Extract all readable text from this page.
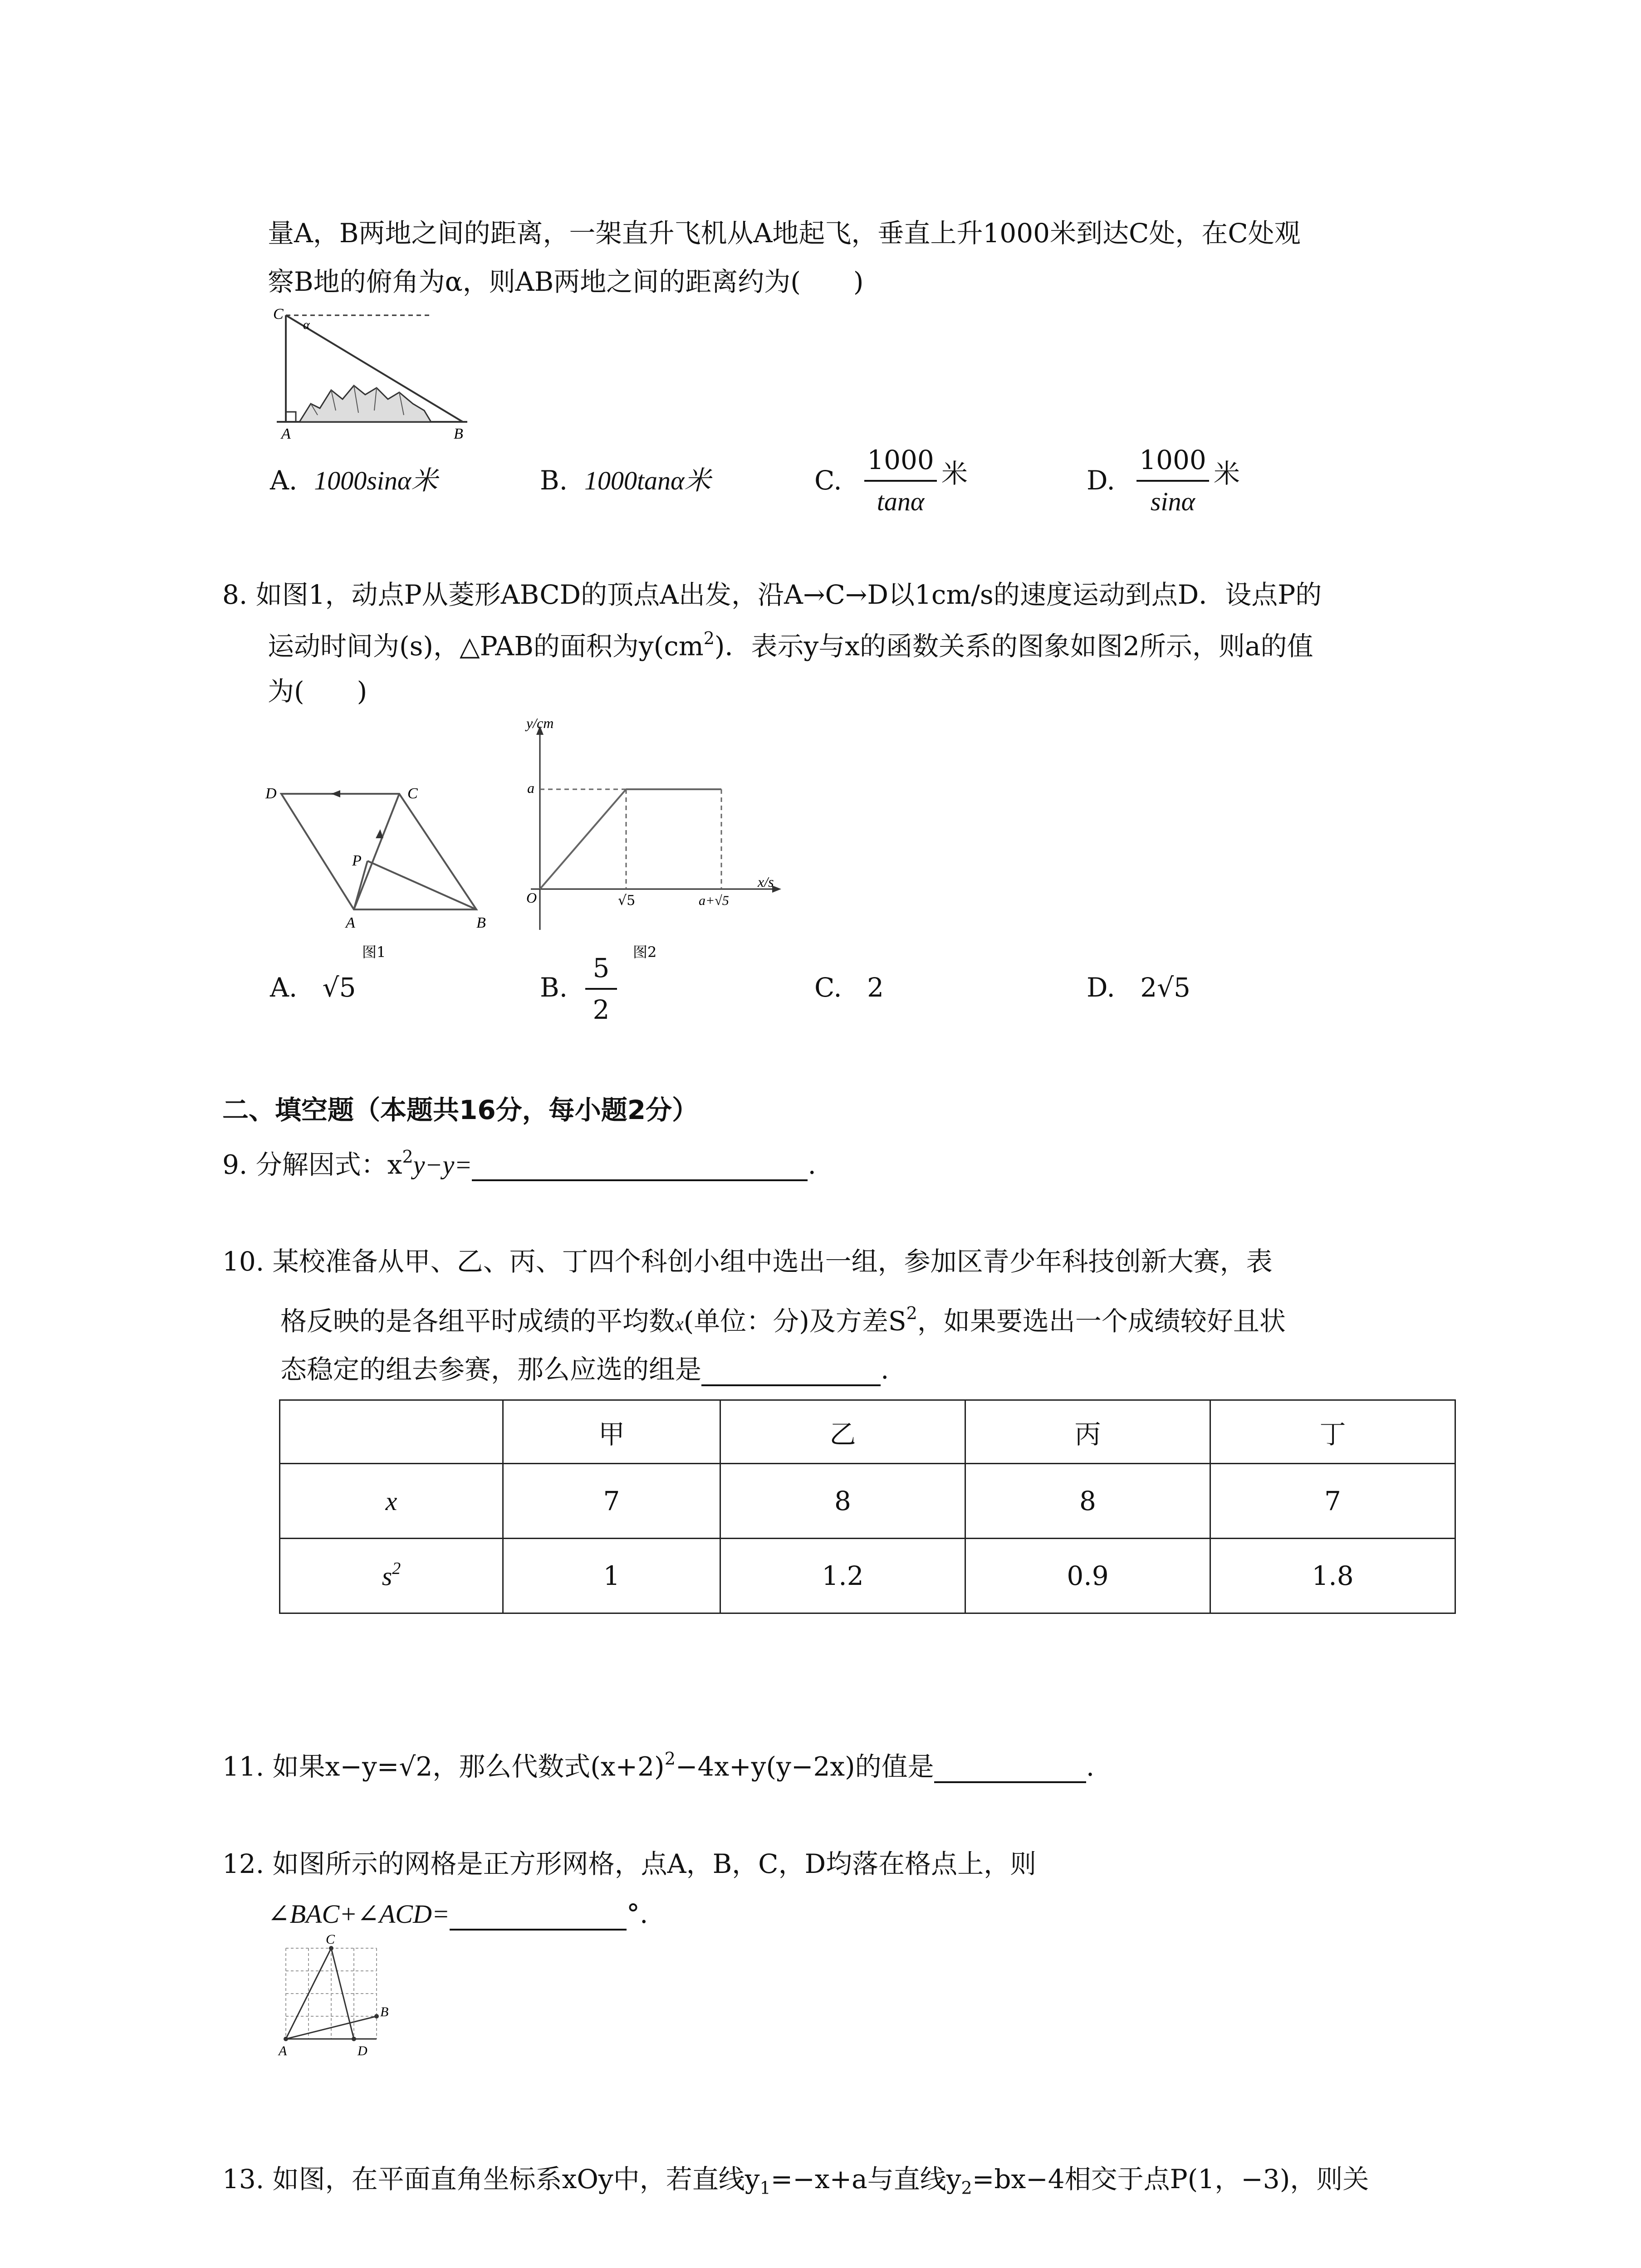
量A，B两地之间的距离，一架直升飞机从A地起飞，垂直上升1000米到达C处，在C处观
察B地的俯角为α，则AB两地之间的距离约为(　　)
C
α
A	B
A. 1000sinα米	B. 1000tanα米	C.
1000
tanα
米	D.
1000
sinα
米
8. 如图1，动点P从菱形ABCD的顶点A出发，沿A→C→D以1cm/s的速度运动到点D．设点P的
运动时间为(s)，△PAB的面积为$y(cm^2)$．表示y与x的函数关系的图象如图2所示，则a的值
为(　　)
D	C
P
A	B
图1
y/cm
a
O	√5	a+√5
x/s
图2
A. √5	B.
5
2
C. 2	D. 2√5
二、填空题（本题共16分，每小题2分）
9. 分解因式：$x^2y-y=$	.
10. 某校准备从甲、乙、丙、丁四个科创小组中选出一组，参加区青少年科技创新大赛，表
格反映的是各组平时成绩的平均数x(单位：分)及方差$S^2$，如果要选出一个成绩较好且状
态稳定的组去参赛，那么应选的组是	.
	甲	乙	丙	丁
x	7	8	8	7
$s^2$	1	1.2	0.9	1.8
11. 如果x−y=√2，那么代数式$(x+2)^2-4x+y(y-2x)$的值是	.
12. 如图所示的网格是正方形网格，点A，B，C，D均落在格点上，则
∠BAC+∠ACD=	°.
C
B
A	D
13. 如图，在平面直角坐标系xOy中，若直线$y_1=-x+a$与直线$y_2=bx-4$相交于点P(1，−3)，则关
